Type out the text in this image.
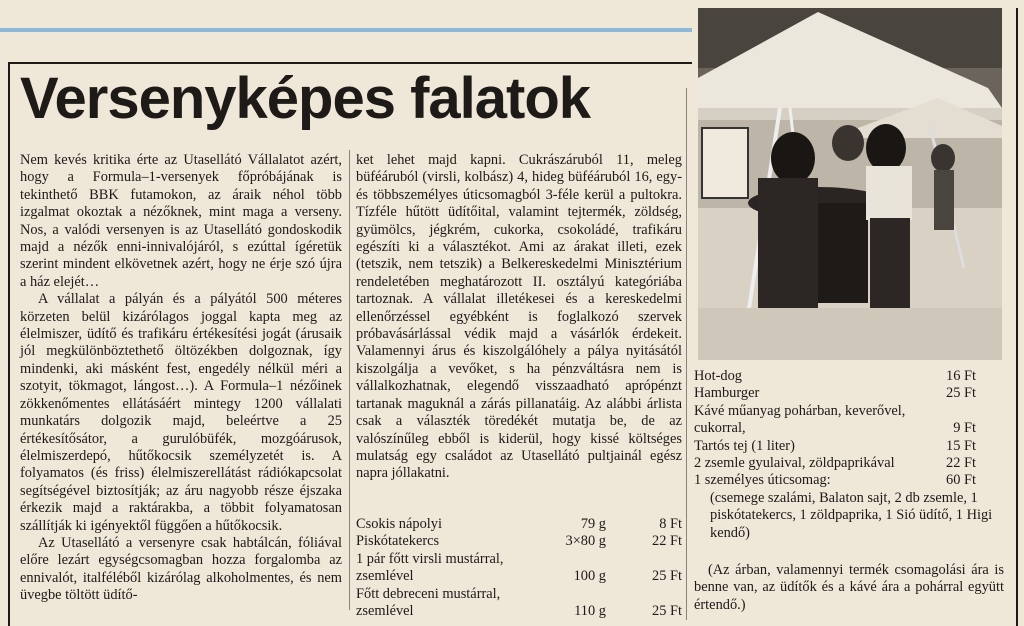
Versenyképes falatok

Nem kevés kritika érte az Utasellátó Vállalatot azért, hogy a Formula–1-versenyek főpróbájának is tekinthető BBK futamokon, az áraik néhol több izgalmat okoztak a nézőknek, mint maga a verseny. Nos, a valódi versenyen is az Utasellátó gondoskodik majd a nézők enni-innivalójáról, s ezúttal ígéretük szerint mindent elkövetnek azért, hogy ne érje szó újra a ház elejét…

A vállalat a pályán és a pályától 500 méteres körzeten belül kizárólagos joggal kapta meg az élelmiszer, üdítő és trafikáru értékesítési jogát (árusaik jól megkülönböztethető öltözékben dolgoznak, így mindenki, aki másként fest, engedély nélkül méri a szotyit, tökmagot, lángost…). A Formula–1 nézőinek zökkenőmentes ellátásáért mintegy 1200 vállalati munkatárs dolgozik majd, beleértve a 25 értékesítősátor, a gurulóbüfék, mozgóárusok, élelmiszerdepó, hűtőkocsik személyzetét is. A folyamatos (és friss) élelmiszerellátást rádiókapcsolat segítségével biztosítják; az áru nagyobb része éjszaka érkezik majd a raktárakba, a többit folyamatosan szállítják ki igényektől függően a hűtőkocsik.

Az Utasellátó a versenyre csak habtálcán, fóliával előre lezárt egységcsomagban hozza forgalomba az ennivalót, italféléből kizárólag alkoholmentes, és nem üvegbe töltött üdítő-

ket lehet majd kapni. Cukrászáruból 11, meleg büféáruból (virsli, kolbász) 4, hideg büféáruból 16, egy- és többszemélyes úticsomagból 3-féle kerül a pultokra. Tízféle hűtött üdítőital, valamint tejtermék, zöldség, gyümölcs, jégkrém, cukorka, csokoládé, trafikáru egészíti ki a választékot. Ami az árakat illeti, ezek (tetszik, nem tetszik) a Belkereskedelmi Minisztérium rendeletében meghatározott II. osztályú kategóriába tartoznak. A vállalat illetékesei és a kereskedelmi ellenőrzéssel egyébként is foglalkozó szervek próbavásárlással védik majd a vásárlók érdekeit. Valamennyi árus és kiszolgálóhely a pálya nyitásától kiszolgálja a vevőket, s ha pénzváltásra nem is vállalkozhatnak, elegendő visszaadható aprópénzt tartanak maguknál a zárás pillanatáig. Az alábbi árlista csak a választék töredékét mutatja be, de az valószínűleg ebből is kiderül, hogy kissé költséges mulatság egy családot az Utasellátó pultjainál egész napra jóllakatni.

Csokis nápolyi	79 g	8 Ft
Piskótatekercs	3×80 g	22 Ft
1 pár főtt virsli mustárral, zsemlével	100 g	25 Ft
Főtt debreceni mustárral, zsemlével	110 g	25 Ft
Hot-dog	16 Ft
Hamburger	25 Ft
Kávé műanyag pohárban, keverővel, cukorral,	9 Ft
Tartós tej (1 liter)	15 Ft
2 zsemle gyulaival, zöldpaprikával	22 Ft
1 személyes úticsomag:	60 Ft
(csemege szalámi, Balaton sajt, 2 db zsemle, 1 piskótatekercs, 1 zöldpaprika, 1 Sió üdítő, 1 Higi kendő)
(Az árban, valamennyi termék csomagolási ára is benne van, az üdítők és a kávé ára a pohárral együtt értendő.)
